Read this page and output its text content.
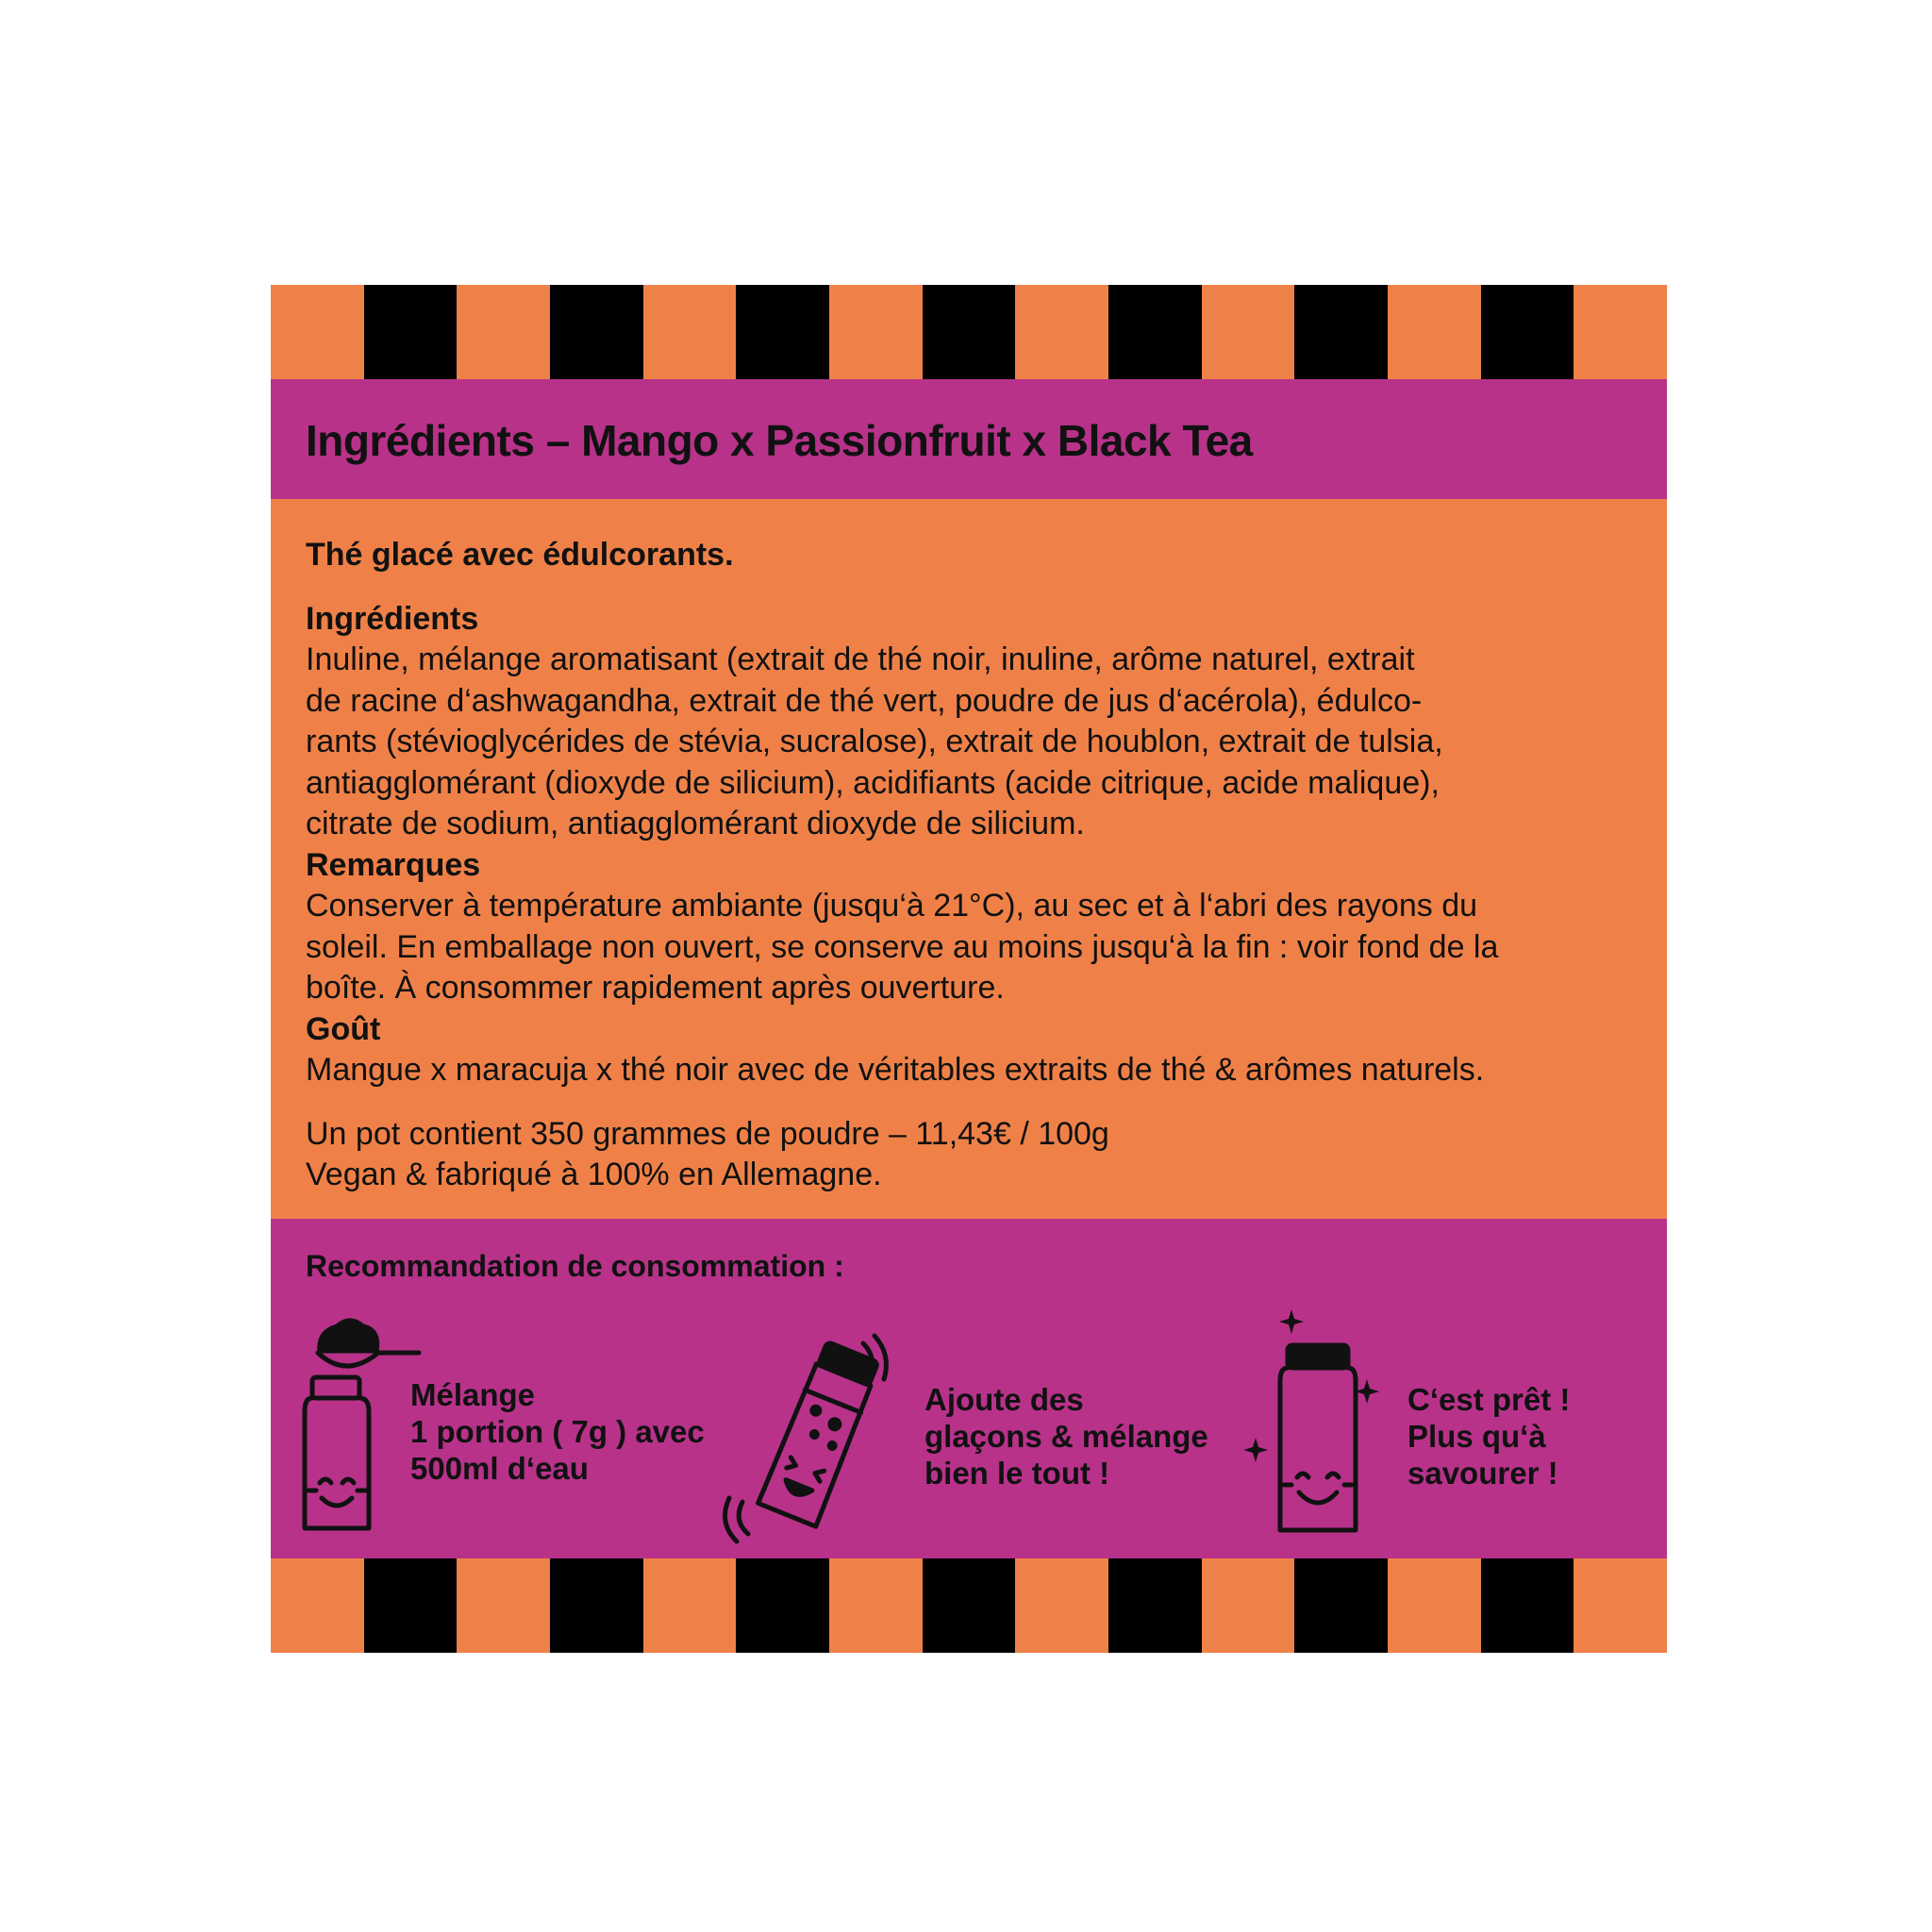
Ingrédients – Mango x Passionfruit x Black Tea

Thé glacé avec édulcorants.

Ingrédients

Inuline, mélange aromatisant (extrait de thé noir, inuline, arôme naturel, extrait

de racine d‘ashwagandha, extrait de thé vert, poudre de jus d‘acérola), édulco-

rants (stévioglycérides de stévia, sucralose), extrait de houblon, extrait de tulsia,

antiagglomérant (dioxyde de silicium), acidifiants (acide citrique, acide malique),

citrate de sodium, antiagglomérant dioxyde de silicium.

Remarques

Conserver à température ambiante (jusqu‘à 21°C), au sec et à l‘abri des rayons du

soleil. En emballage non ouvert, se conserve au moins jusqu‘à la fin : voir fond de la

boîte. À consommer rapidement après ouverture.

Goût

Mangue x maracuja x thé noir avec de véritables extraits de thé & arômes naturels.

Un pot contient 350 grammes de poudre – 11,43€ / 100g

Vegan & fabriqué à 100% en Allemagne.

Recommandation de consommation :
Mélange
1 portion ( 7g ) avec
500ml d‘eau
Ajoute des
glaçons & mélange
bien le tout !
C‘est prêt !
Plus qu‘à
savourer !
